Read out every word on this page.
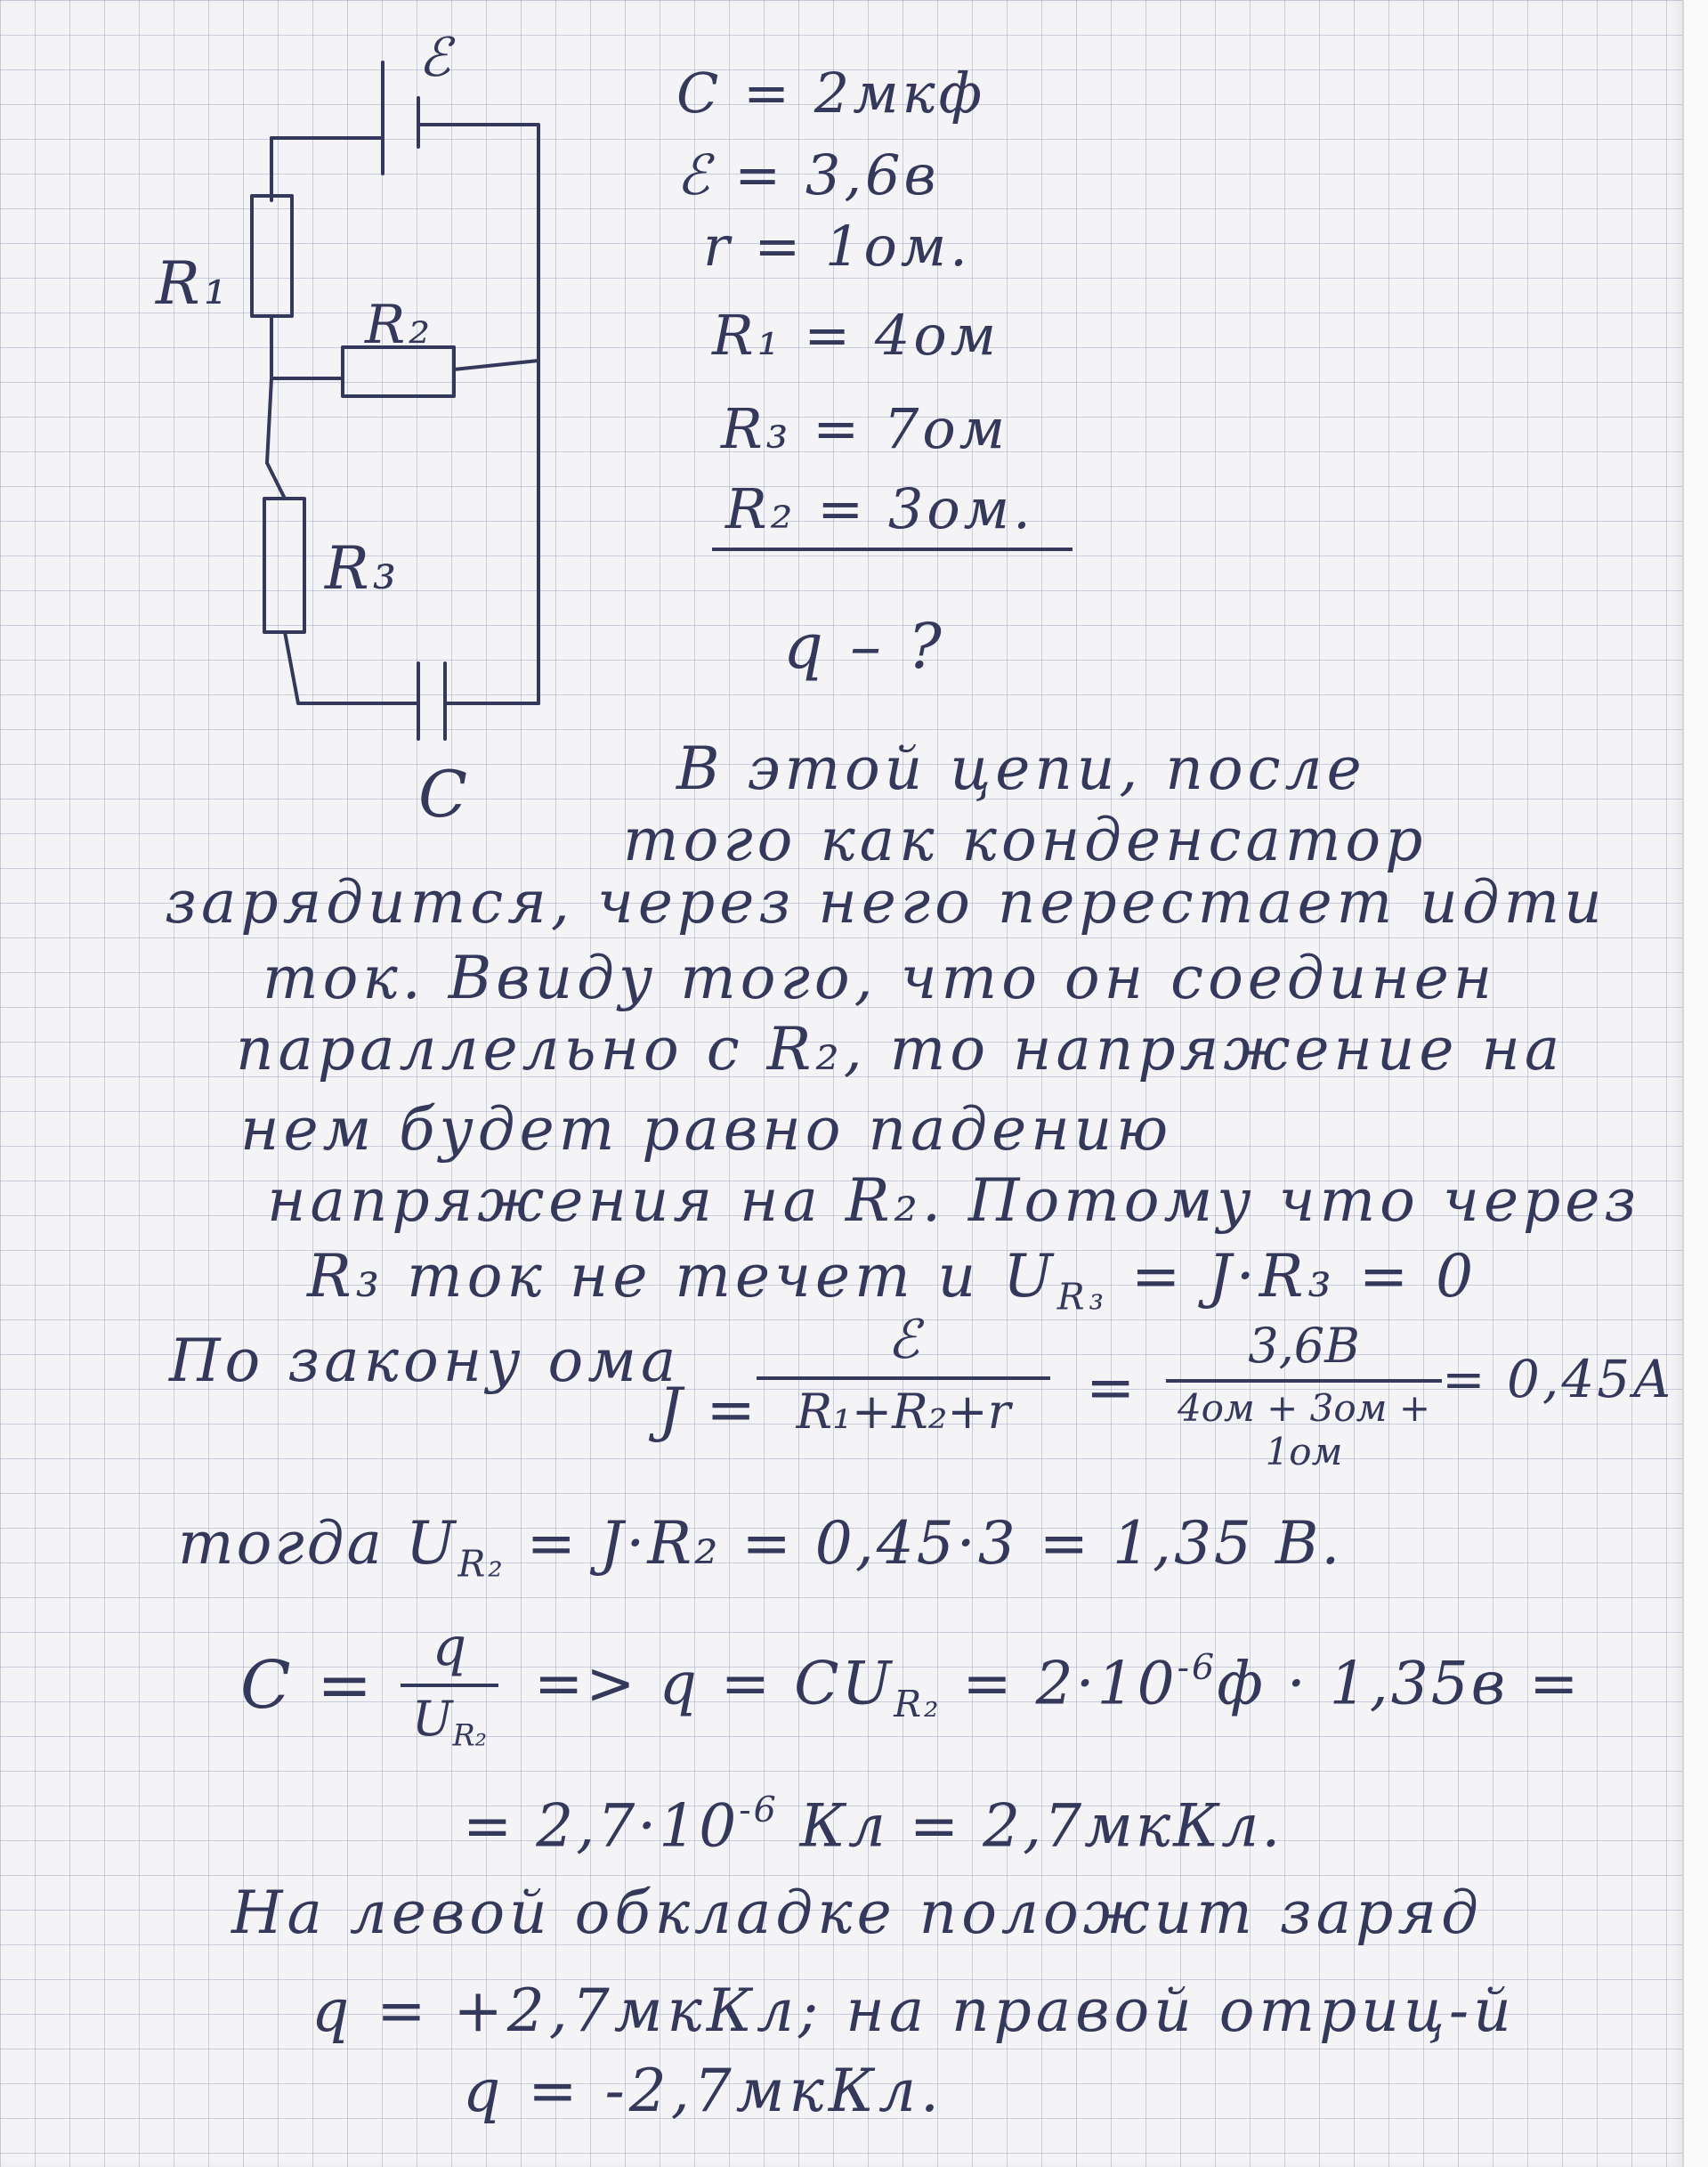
ℰ
R₁
R₂
R₃
C
C = 2мкф
ℰ = 3,6в
r = 1ом.
R₁ = 4ом
R₃ = 7ом
R₂ = 3ом.
q – ?
В этой цепи, после
того как конденсатор
зарядится, через него перестает идти
ток. Ввиду того, что он соединен
параллельно с R₂, то напряжение на
нем будет равно падению
напряжения на R₂. Потому что через
R₃ ток не течет и $U_{R_3} = J\cdot R_3 = 0$
По закону ома
J =
ℰ
R₁+R₂+r	=
3,6В
4ом + 3ом + 1ом
= 0,45А
тогда $U_{R_2} = J\cdot R_2 = 0,45\cdot 3 = 1,35$ В.
$C = \frac{q}{U_{R_2}} => q = CU_{R_2} = 2\cdot 10^{-6}ф \cdot 1,35в$ =
= $2,7\cdot 10^{-6}$ Кл = 2,7мкКл.
На левой обкладке положит заряд
q = +2,7мкКл; на правой отриц-й
q = -2,7мкКл.
